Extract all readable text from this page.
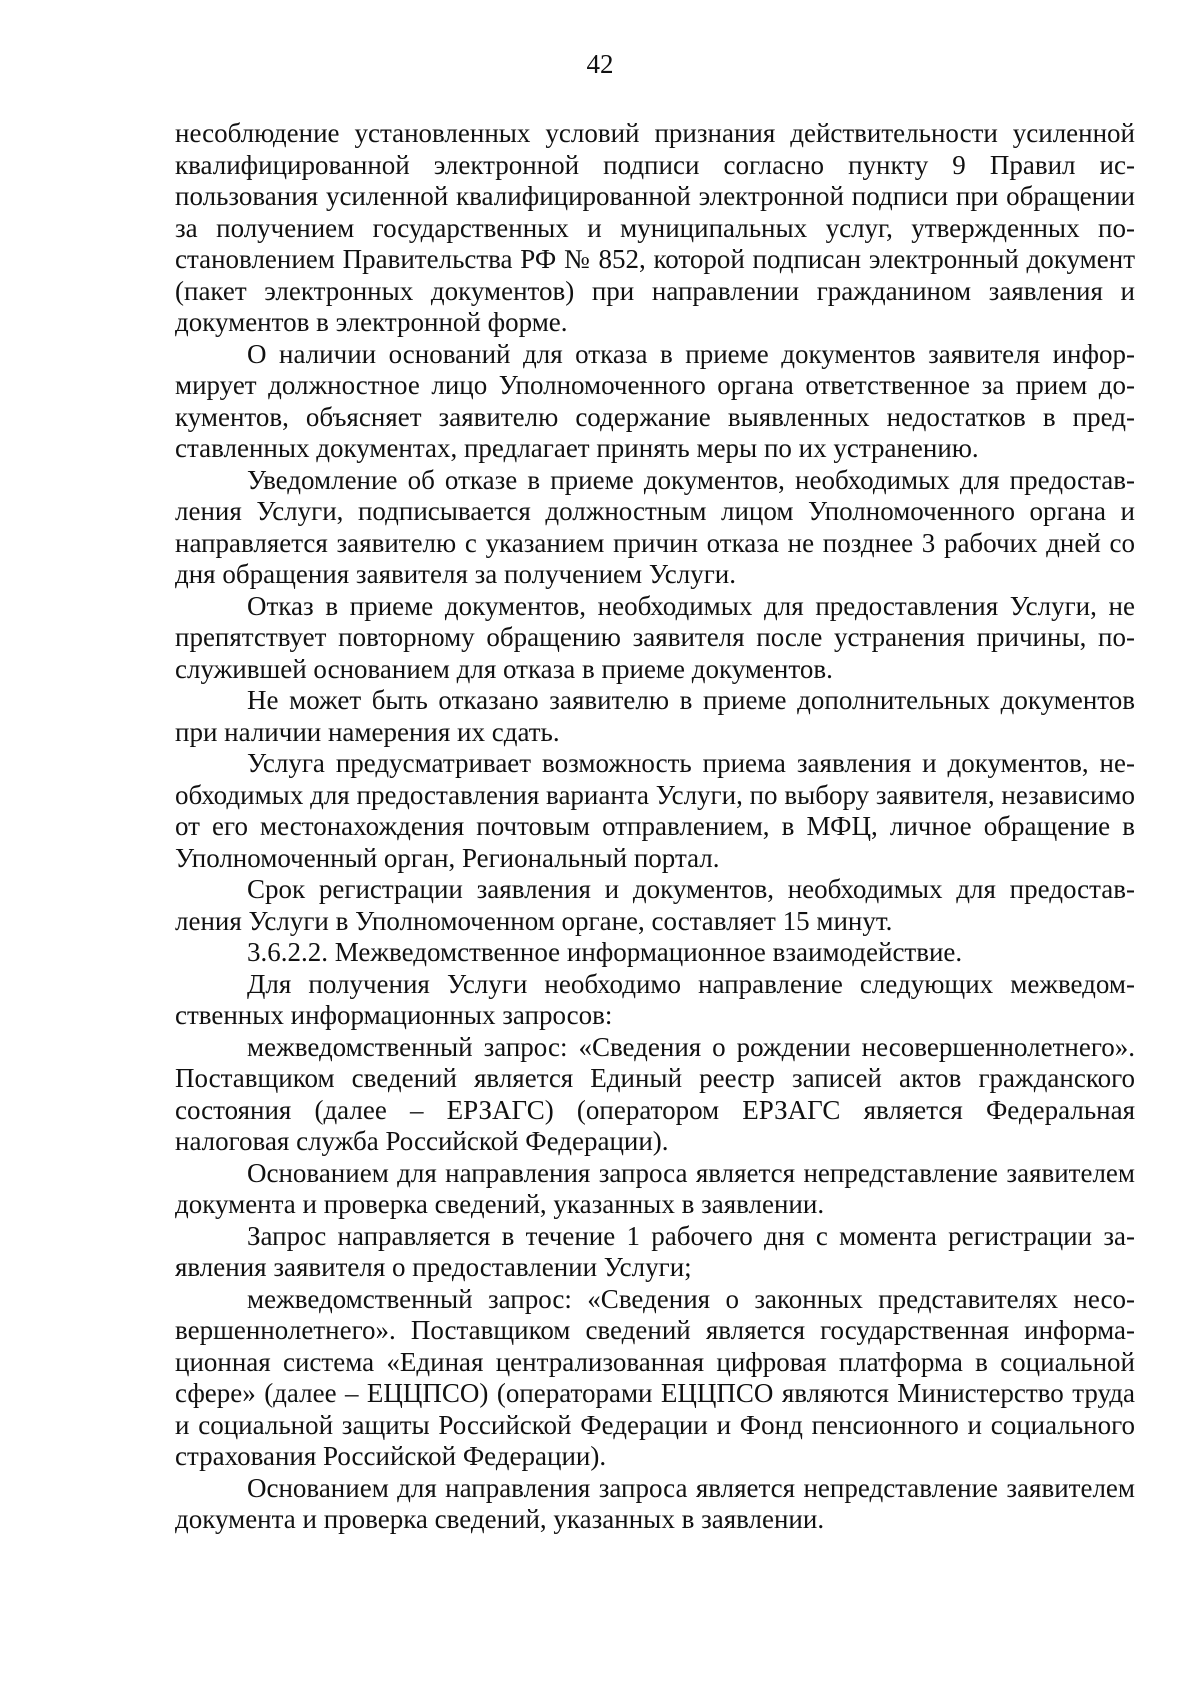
42

несоблюдение установленных условий признания действительности усиленной квалифицированной электронной подписи согласно пункту 9 Правил использования усиленной квалифицированной электронной подписи при обращении за получением государственных и муниципальных услуг, утвержденных постановлением Правительства РФ № 852, которой подписан электронный документ (пакет электронных документов) при направлении гражданином заявления и документов в электронной форме.

О наличии оснований для отказа в приеме документов заявителя информирует должностное лицо Уполномоченного органа ответственное за прием документов, объясняет заявителю содержание выявленных недостатков в представленных документах, предлагает принять меры по их устранению.

Уведомление об отказе в приеме документов, необходимых для предоставления Услуги, подписывается должностным лицом Уполномоченного органа и направляется заявителю с указанием причин отказа не позднее 3 рабочих дней со дня обращения заявителя за получением Услуги.

Отказ в приеме документов, необходимых для предоставления Услуги, не препятствует повторному обращению заявителя после устранения причины, послужившей основанием для отказа в приеме документов.

Не может быть отказано заявителю в приеме дополнительных документов при наличии намерения их сдать.

Услуга предусматривает возможность приема заявления и документов, необходимых для предоставления варианта Услуги, по выбору заявителя, независимо от его местонахождения почтовым отправлением, в МФЦ, личное обращение в Уполномоченный орган, Региональный портал.

Срок регистрации заявления и документов, необходимых для предоставления Услуги в Уполномоченном органе, составляет 15 минут.

3.6.2.2. Межведомственное информационное взаимодействие.

Для получения Услуги необходимо направление следующих межведомственных информационных запросов:

межведомственный запрос: «Сведения о рождении несовершеннолетнего». Поставщиком сведений является Единый реестр записей актов гражданского состояния (далее – ЕРЗАГС) (оператором ЕРЗАГС является Федеральная налоговая служба Российской Федерации).

Основанием для направления запроса является непредставление заявителем документа и проверка сведений, указанных в заявлении.

Запрос направляется в течение 1 рабочего дня с момента регистрации заявления заявителя о предоставлении Услуги;

межведомственный запрос: «Сведения о законных представителях несовершеннолетнего». Поставщиком сведений является государственная информационная система «Единая централизованная цифровая платформа в социальной сфере» (далее – ЕЦЦПСО) (операторами ЕЦЦПСО являются Министерство труда и социальной защиты Российской Федерации и Фонд пенсионного и социального страхования Российской Федерации).

Основанием для направления запроса является непредставление заявителем документа и проверка сведений, указанных в заявлении.
